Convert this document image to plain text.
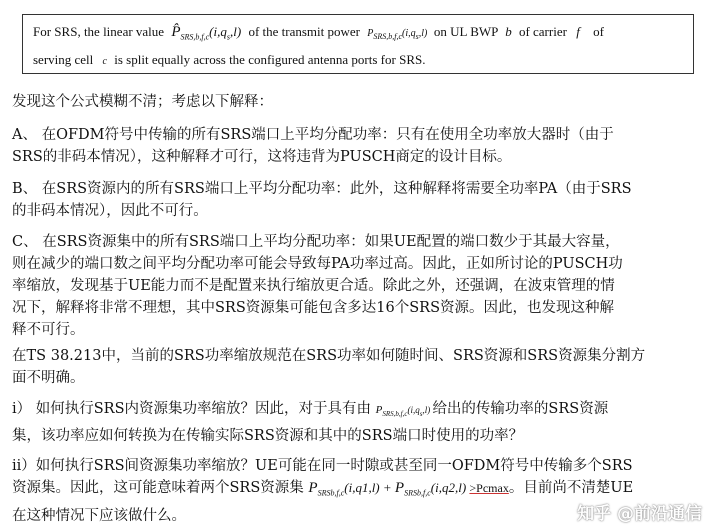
For SRS, the linear value $P̂_{SRS,b,f,c}(i,q_s,l)$ of the transmit power $P_{SRS,b,f,c}(i,q_s,l)$ on UL BWP b of carrier f of
serving cell c is split equally across the configured antenna ports for SRS.
发现这个公式模糊不清；考虑以下解释：
A、 在OFDM符号中传输的所有SRS端口上平均分配功率：只有在使用全功率放大器时（由于
SRS的非码本情况），这种解释才可行，这将违背为PUSCH商定的设计目标。
B、 在SRS资源内的所有SRS端口上平均分配功率：此外，这种解释将需要全功率PA（由于SRS
的非码本情况），因此不可行。
C、 在SRS资源集中的所有SRS端口上平均分配功率：如果UE配置的端口数少于其最大容量，
则在减少的端口数之间平均分配功率可能会导致每PA功率过高。因此，正如所讨论的PUSCH功
率缩放，发现基于UE能力而不是配置来执行缩放更合适。除此之外，还强调，在波束管理的情
况下，解释将非常不理想，其中SRS资源集可能包含多达16个SRS资源。因此，也发现这种解
释不可行。
在TS 38.213中，当前的SRS功率缩放规范在SRS功率如何随时间、SRS资源和SRS资源集分割方
面不明确。
i） 如何执行SRS内资源集功率缩放？因此，对于具有由 $P_{SRS,b,f,c}(i,q_s,l)$ 给出的传输功率的SRS资源
集，该功率应如何转换为在传输实际SRS资源和其中的SRS端口时使用的功率？
ii）如何执行SRS间资源集功率缩放？UE可能在同一时隙或甚至同一OFDM符号中传输多个SRS
资源集。因此，这可能意味着两个SRS资源集 $P_{SRSb,f,c}(i,q1,l) + P_{SRSb,f,c}(i,q2,l) >Pcmax$。目前尚不清楚UE
在这种情况下应该做什么。	知乎 @前沿通信
